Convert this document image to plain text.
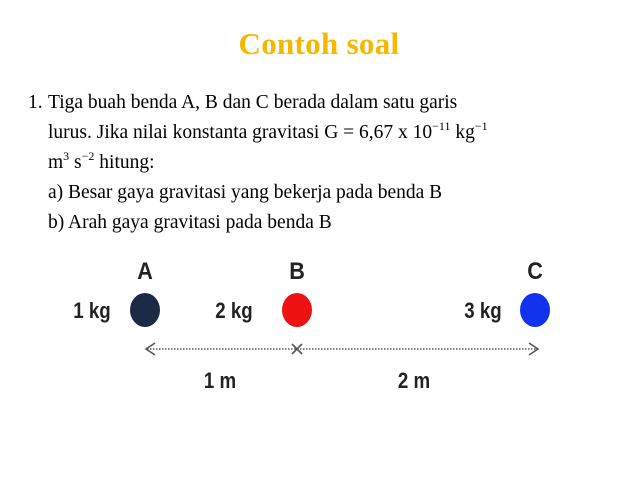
Contoh soal
1. Tiga buah benda A, B dan C berada dalam satu garis
lurus. Jika nilai konstanta gravitasi G = 6,67 x $10^{-11}$ $kg^{-1}$
$m^3$ $s^{-2}$ hitung:
a) Besar gaya gravitasi yang bekerja pada benda B
b) Arah gaya gravitasi pada benda B
A	B	C
1 kg	2 kg	3 kg
1 m	2 m
